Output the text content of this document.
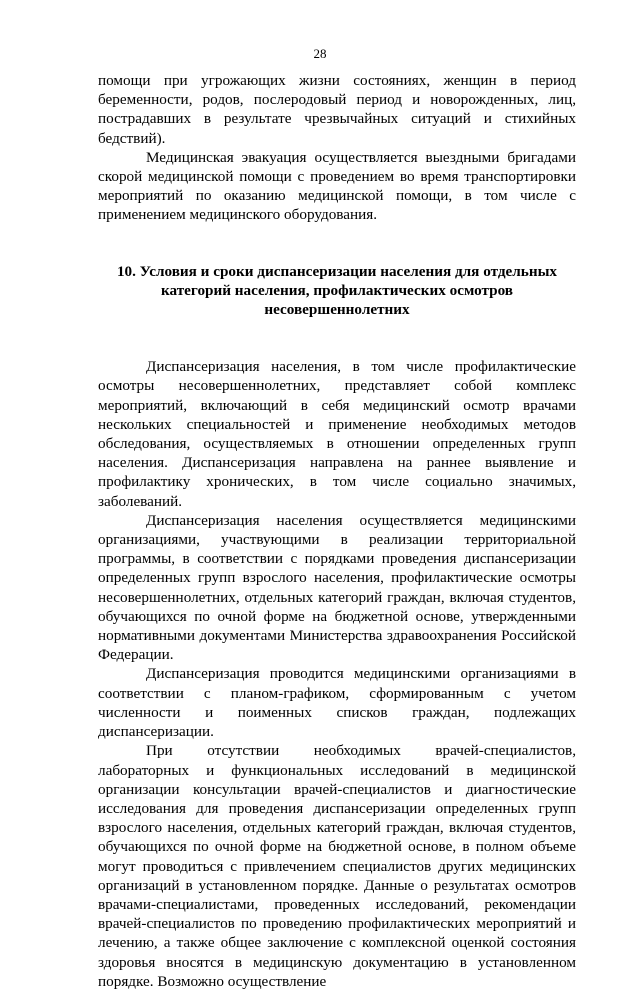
28

помощи при угрожающих жизни состояниях, женщин в период беременности, родов, послеродовый период и новорожденных, лиц, пострадавших в результате чрезвычайных ситуаций и стихийных бедствий).

Медицинская эвакуация осуществляется выездными бригадами скорой медицинской помощи с проведением во время транспортировки мероприятий по оказанию медицинской помощи, в том числе с применением медицинского оборудования.

10. Условия и сроки диспансеризации населения для отдельных
категорий населения, профилактических осмотров
несовершеннолетних

Диспансеризация населения, в том числе профилактические осмотры несовершеннолетних, представляет собой комплекс мероприятий, включающий в себя медицинский осмотр врачами нескольких специальностей и применение необходимых методов обследования, осуществляемых в отношении определенных групп населения. Диспансеризация направлена на раннее выявление и профилактику хронических, в том числе социально значимых, заболеваний.

Диспансеризация населения осуществляется медицинскими организациями, участвующими в реализации территориальной программы, в соответствии с порядками проведения диспансеризации определенных групп взрослого населения, профилактические осмотры несовершеннолетних, отдельных категорий граждан, включая студентов, обучающихся по очной форме на бюджетной основе, утвержденными нормативными документами Министерства здравоохранения Российской Федерации.

Диспансеризация проводится медицинскими организациями в соответствии с планом-графиком, сформированным с учетом численности и поименных списков граждан, подлежащих диспансеризации.

При отсутствии необходимых врачей-специалистов, лабораторных и функциональных исследований в медицинской организации консультации врачей-специалистов и диагностические исследования для проведения диспансеризации определенных групп взрослого населения, отдельных категорий граждан, включая студентов, обучающихся по очной форме на бюджетной основе, в полном объеме могут проводиться с привлечением специалистов других медицинских организаций в установленном порядке. Данные о результатах осмотров врачами-специалистами, проведенных исследований, рекомендации врачей-специалистов по проведению профилактических мероприятий и лечению, а также общее заключение с комплексной оценкой состояния здоровья вносятся в медицинскую документацию в установленном порядке. Возможно осуществление
